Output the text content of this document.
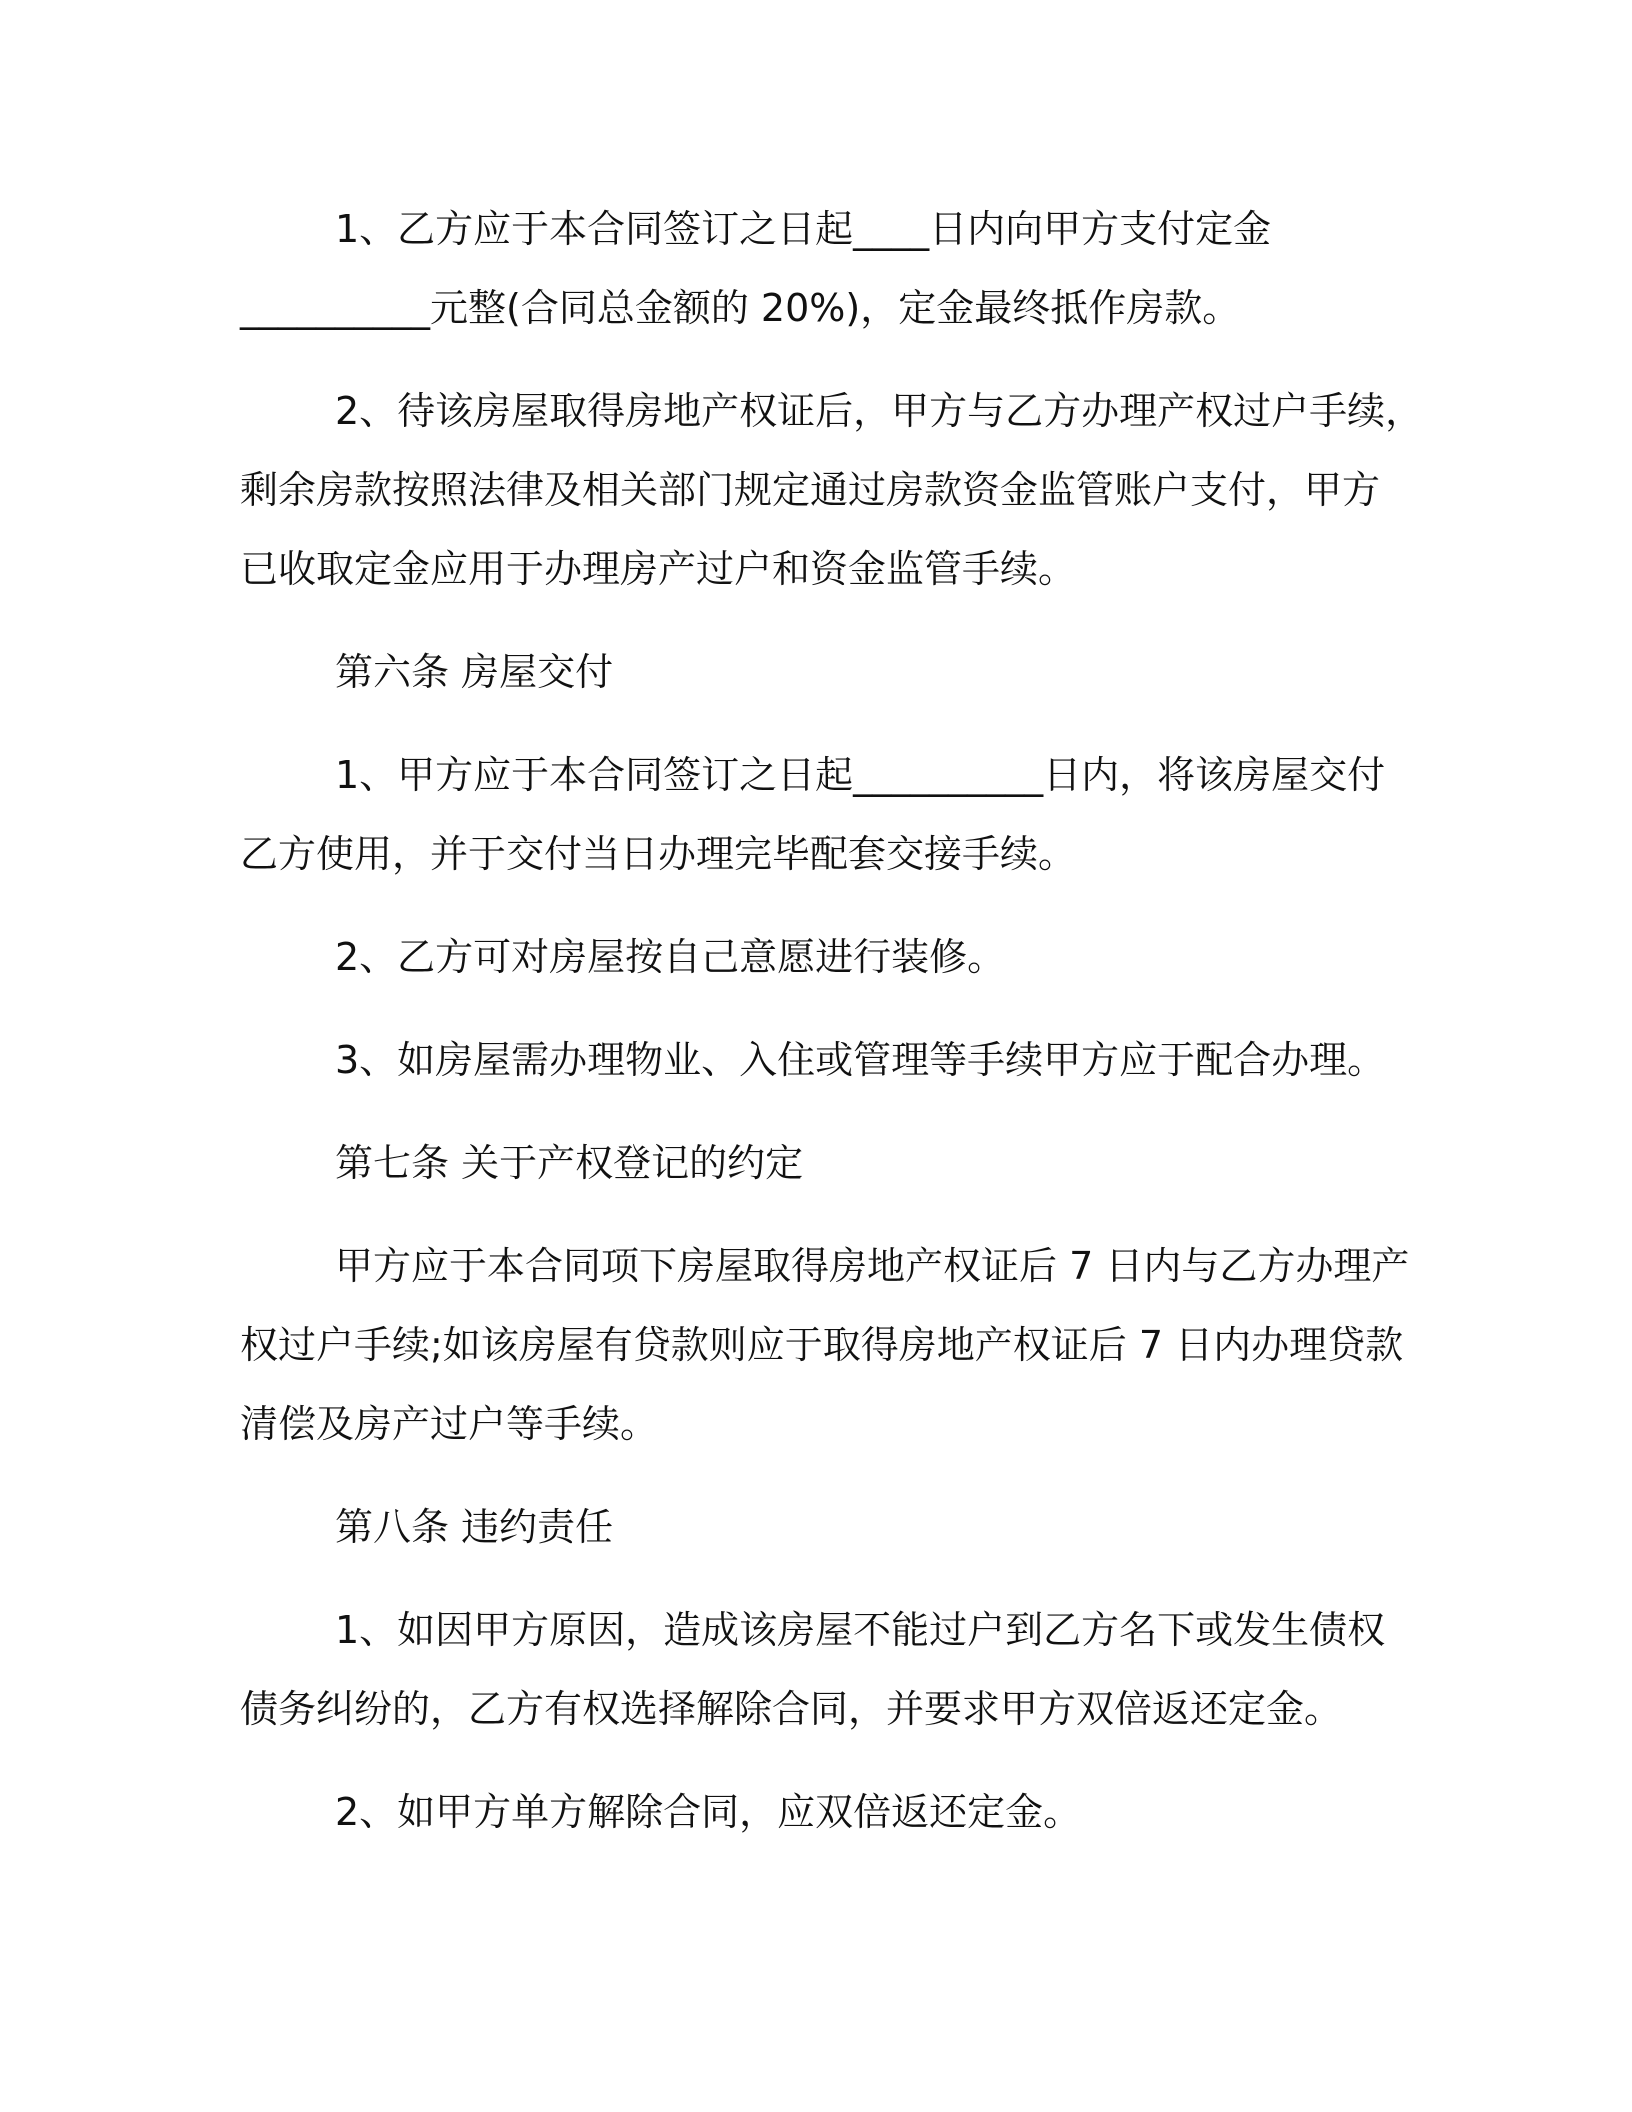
1、乙方应于本合同签订之日起____日内向甲方支付定金
__________元整(合同总金额的 20%)，定金最终抵作房款。
2、待该房屋取得房地产权证后，甲方与乙方办理产权过户手续，
剩余房款按照法律及相关部门规定通过房款资金监管账户支付，甲方
已收取定金应用于办理房产过户和资金监管手续。
第六条 房屋交付
1、甲方应于本合同签订之日起__________日内，将该房屋交付
乙方使用，并于交付当日办理完毕配套交接手续。
2、乙方可对房屋按自己意愿进行装修。
3、如房屋需办理物业、入住或管理等手续甲方应于配合办理。
第七条 关于产权登记的约定
甲方应于本合同项下房屋取得房地产权证后 7 日内与乙方办理产
权过户手续;如该房屋有贷款则应于取得房地产权证后 7 日内办理贷款
清偿及房产过户等手续。
第八条 违约责任
1、如因甲方原因，造成该房屋不能过户到乙方名下或发生债权
债务纠纷的，乙方有权选择解除合同，并要求甲方双倍返还定金。
2、如甲方单方解除合同，应双倍返还定金。
